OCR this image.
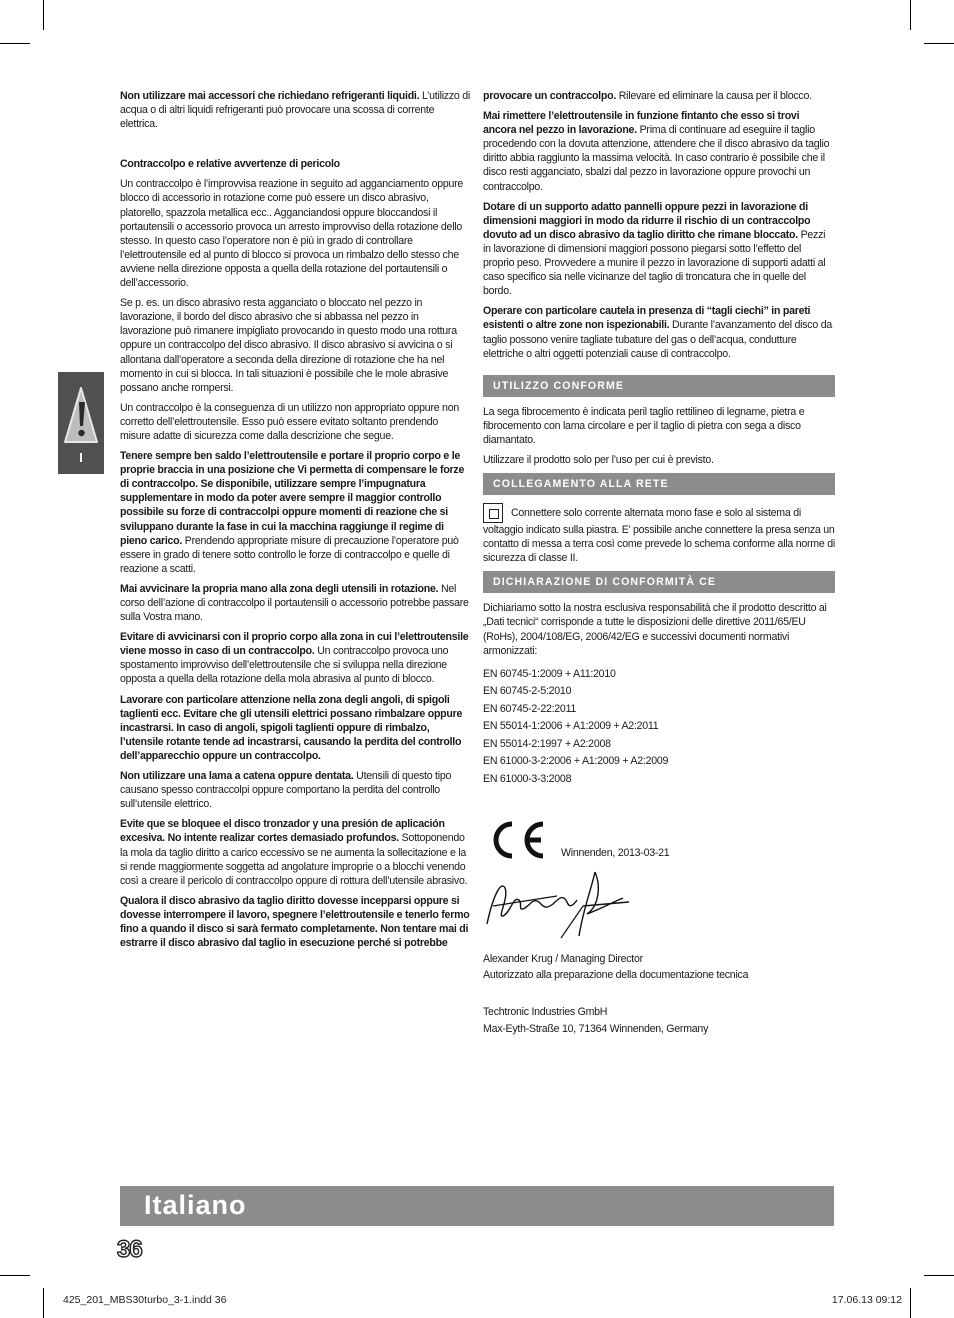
I

Non utilizzare mai accessori che richiedano refrigeranti liquidi. L’utilizzo di acqua o di altri liquidi refrigeranti può provocare una scossa di corrente elettrica.

Contraccolpo e relative avvertenze di pericolo

Un contraccolpo è l’improvvisa reazione in seguito ad agganciamento oppure blocco di accessorio in rotazione come può essere un disco abrasivo, platorello, spazzola metallica ecc.. Agganciandosi oppure bloccandosi il portautensili o accessorio provoca un arresto improvviso della rotazione dello stesso. In questo caso l’operatore non è più in grado di controllare l’elettroutensile ed al punto di blocco si provoca un rimbalzo dello stesso che avviene nella direzione opposta a quella della rotazione del portautensili o dell’accessorio.

Se p. es. un disco abrasivo resta agganciato o bloccato nel pezzo in lavorazione, il bordo del disco abrasivo che si abbassa nel pezzo in lavorazione può rimanere impigliato provocando in questo modo una rottura oppure un contraccolpo del disco abrasivo. Il disco abrasivo si avvicina o si allontana dall’operatore a seconda della direzione di rotazione che ha nel momento in cui si blocca. In tali situazioni è possibile che le mole abrasive possano anche rompersi.

Un contraccolpo è la conseguenza di un utilizzo non appropriato oppure non corretto dell’elettroutensile. Esso può essere evitato soltanto prendendo misure adatte di sicurezza come dalla descrizione che segue.

Tenere sempre ben saldo l’elettroutensile e portare il proprio corpo e le proprie braccia in una posizione che Vi permetta di compensare le forze di contraccolpo. Se disponibile, utilizzare sempre l’impugnatura supplementare in modo da poter avere sempre il maggior controllo possibile su forze di contraccolpi oppure momenti di reazione che si sviluppano durante la fase in cui la macchina raggiunge il regime di pieno carico. Prendendo appropriate misure di precauzione l’operatore può essere in grado di tenere sotto controllo le forze di contraccolpo e quelle di reazione a scatti.

Mai avvicinare la propria mano alla zona degli utensili in rotazione. Nel corso dell’azione di contraccolpo il portautensili o accessorio potrebbe passare sulla Vostra mano.

Evitare di avvicinarsi con il proprio corpo alla zona in cui l’elettroutensile viene mosso in caso di un contraccolpo. Un contraccolpo provoca uno spostamento improvviso dell’elettroutensile che si sviluppa nella direzione opposta a quella della rotazione della mola abrasiva al punto di blocco.

Lavorare con particolare attenzione nella zona degli angoli, di spigoli taglienti ecc. Evitare che gli utensili elettrici possano rimbalzare oppure incastrarsi. In caso di angoli, spigoli taglienti oppure di rimbalzo, l’utensile rotante tende ad incastrarsi, causando la perdita del controllo dell’apparecchio oppure un contraccolpo.

Non utilizzare una lama a catena oppure dentata. Utensili di questo tipo causano spesso contraccolpi oppure comportano la perdita del controllo sull’utensile elettrico.

Evite que se bloquee el disco tronzador y una presión de aplicación excesiva. No intente realizar cortes demasiado profundos. Sottoponendo la mola da taglio diritto a carico eccessivo se ne aumenta la sollecitazione e la si rende maggiormente soggetta ad angolature improprie o a blocchi venendo così a creare il pericolo di contraccolpo oppure di rottura dell’utensile abrasivo.

Qualora il disco abrasivo da taglio diritto dovesse incepparsi oppure si dovesse interrompere il lavoro, spegnere l’elettroutensile e tenerlo fermo fino a quando il disco si sarà fermato completamente. Non tentare mai di estrarre il disco abrasivo dal taglio in esecuzione perché si potrebbe

provocare un contraccolpo. Rilevare ed eliminare la causa per il blocco.

Mai rimettere l’elettroutensile in funzione fintanto che esso si trovi ancora nel pezzo in lavorazione. Prima di continuare ad eseguire il taglio procedendo con la dovuta attenzione, attendere che il disco abrasivo da taglio diritto abbia raggiunto la massima velocità. In caso contrario è possibile che il disco resti agganciato, sbalzi dal pezzo in lavorazione oppure provochi un contraccolpo.

Dotare di un supporto adatto pannelli oppure pezzi in lavorazione di dimensioni maggiori in modo da ridurre il rischio di un contraccolpo dovuto ad un disco abrasivo da taglio diritto che rimane bloccato. Pezzi in lavorazione di dimensioni maggiori possono piegarsi sotto l’effetto del proprio peso. Provvedere a munire il pezzo in lavorazione di supporti adatti al caso specifico sia nelle vicinanze del taglio di troncatura che in quelle del bordo.

Operare con particolare cautela in presenza di “tagli ciechi” in pareti esistenti o altre zone non ispezionabili. Durante l’avanzamento del disco da taglio possono venire tagliate tubature del gas o dell’acqua, condutture elettriche o altri oggetti potenziali cause di contraccolpo.

UTILIZZO CONFORME

La sega fibrocemento è indicata peril taglio rettilineo di legname, pietra e fibrocemento con lama circolare e per il taglio di pietra con sega a disco diamantato.

Utilizzare il prodotto solo per l’uso per cui è previsto.

COLLEGAMENTO ALLA RETE

Connettere solo corrente alternata mono fase e solo al sistema di voltaggio indicato sulla piastra. E’ possibile anche connettere la presa senza un contatto di messa a terra così come prevede lo schema conforme alla norme di sicurezza di classe II.

DICHIARAZIONE DI CONFORMITÀ CE

Dichiariamo sotto la nostra esclusiva responsabilità che il prodotto descritto ai „Dati tecnici“ corrisponde a tutte le disposizioni delle direttive 2011/65/EU (RoHs), 2004/108/EG, 2006/42/EG e successivi documenti normativi armonizzati:

EN 60745-1:2009 + A11:2010
EN 60745-2-5:2010
EN 60745-2-22:2011
EN 55014-1:2006 + A1:2009 + A2:2011
EN 55014-2:1997 + A2:2008
EN 61000-3-2:2006 + A1:2009 + A2:2009
EN 61000-3-3:2008
Winnenden, 2013-03-21

Alexander Krug / Managing Director

Autorizzato alla preparazione della documentazione tecnica

Techtronic Industries GmbH

Max-Eyth-Straße 10, 71364 Winnenden, Germany

Italiano
36
425_201_MBS30turbo_3-1.indd 36	17.06.13 09:12
